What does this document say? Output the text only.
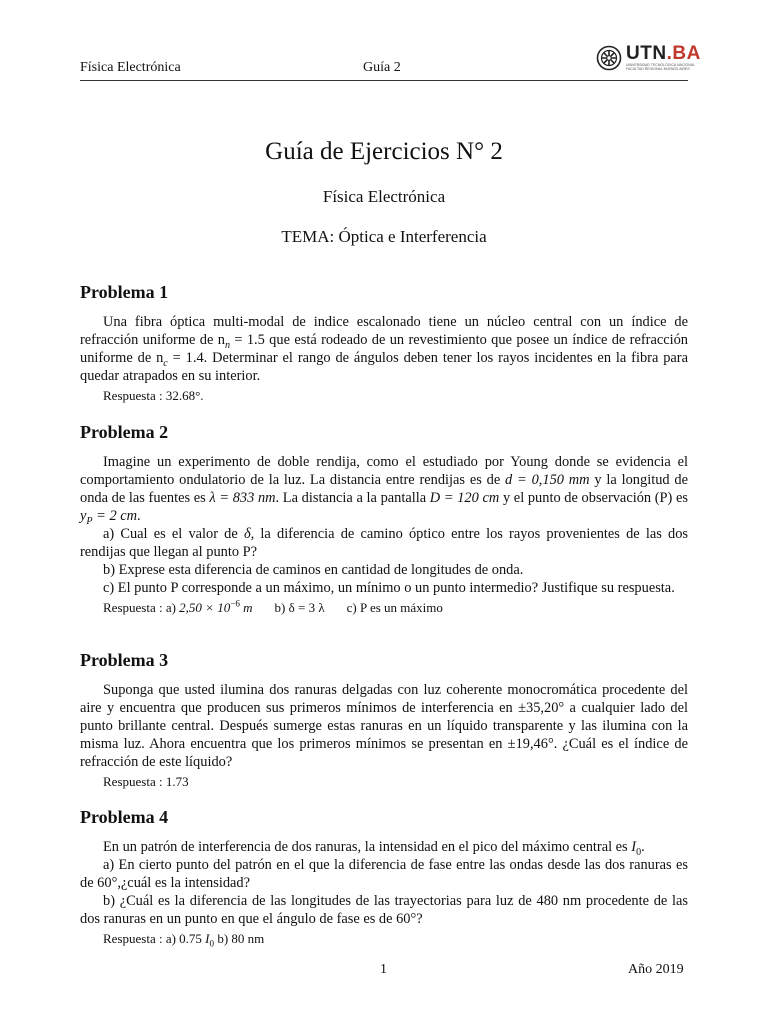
Física Electrónica	Guía 2
UTN.BA
UNIVERSIDAD TECNOLÓGICA NACIONAL FACULTAD REGIONAL BUENOS AIRES
Guía de Ejercicios N° 2
Física Electrónica
TEMA: Óptica e Interferencia
Problema 1

Una fibra óptica multi-modal de indice escalonado tiene un núcleo central con un índice de refracción uniforme de $n_n = 1.5$ que está rodeado de un revestimiento que posee un índice de refracción uniforme de $n_c = 1.4$. Determinar el rango de ángulos deben tener los rayos incidentes en la fibra para quedar atrapados en su interior.

Respuesta : 32.68°.
Problema 2

Imagine un experimento de doble rendija, como el estudiado por Young donde se evidencia el comportamiento ondulatorio de la luz. La distancia entre rendijas es de d = 0,150 mm y la longitud de onda de las fuentes es λ = 833 nm. La distancia a la pantalla D = 120 cm y el punto de observación (P) es $y_P = 2$ cm.

a) Cual es el valor de δ, la diferencia de camino óptico entre los rayos provenientes de las dos rendijas que llegan al punto P?

b) Exprese esta diferencia de caminos en cantidad de longitudes de onda.

c) El punto P corresponde a un máximo, un mínimo o un punto intermedio? Justifique su respuesta.

Respuesta : a) $2,50 \times 10^{-6}$ m b) δ = 3 λ c) P es un máximo
Problema 3

Suponga que usted ilumina dos ranuras delgadas con luz coherente monocromática procedente del aire y encuentra que producen sus primeros mínimos de interferencia en ±35,20° a cualquier lado del punto brillante central. Después sumerge estas ranuras en un líquido transparente y las ilumina con la misma luz. Ahora encuentra que los primeros mínimos se presentan en ±19,46°. ¿Cuál es el índice de refracción de este líquido?

Respuesta : 1.73
Problema 4

En un patrón de interferencia de dos ranuras, la intensidad en el pico del máximo central es $I_0$.

a) En cierto punto del patrón en el que la diferencia de fase entre las ondas desde las dos ranuras es de 60°,¿cuál es la intensidad?

b) ¿Cuál es la diferencia de las longitudes de las trayectorias para luz de 480 nm procedente de las dos ranuras en un punto en que el ángulo de fase es de 60°?

Respuesta : a) 0.75 $I_0$ b) 80 nm
1	Año 2019
